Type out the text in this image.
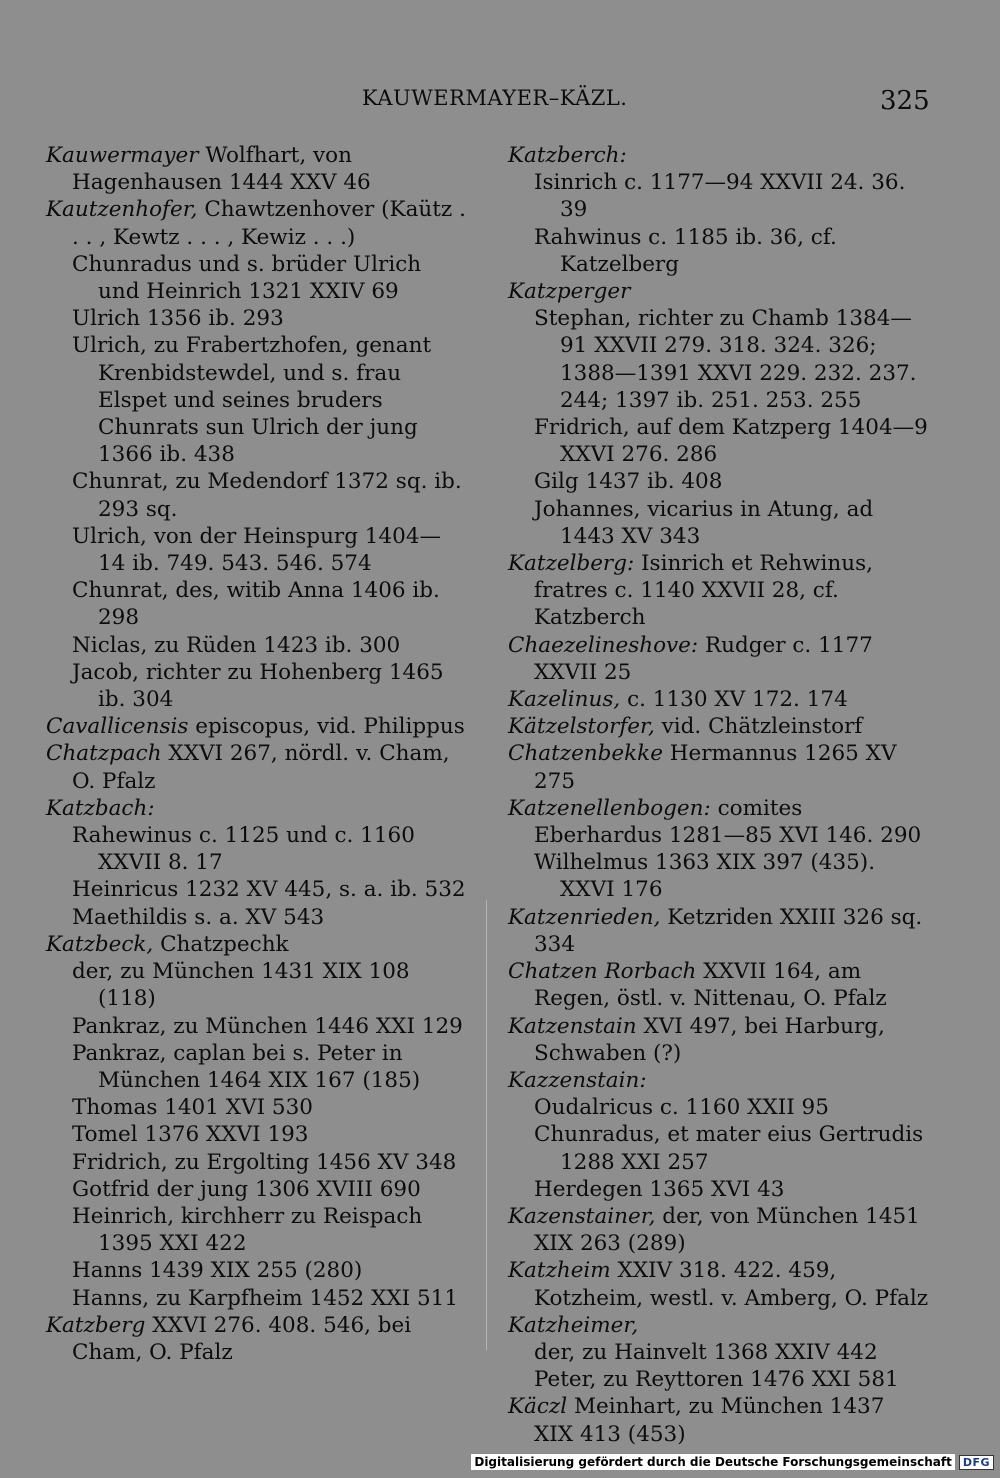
KAUWERMAYER–KÄZL.	325

Kauwermayer Wolfhart, von Hagenhausen 1444 XXV 46

Kautzenhofer, Chawtzenhover (Kaütz . . . , Kewtz . . . , Kewiz . . .)

Chunradus und s. brüder Ulrich und Heinrich 1321 XXIV 69

Ulrich 1356 ib. 293

Ulrich, zu Frabertzhofen, genant Krenbidstewdel, und s. frau Elspet und seines bruders Chunrats sun Ulrich der jung 1366 ib. 438

Chunrat, zu Medendorf 1372 sq. ib. 293 sq.

Ulrich, von der Heinspurg 1404—14 ib. 749. 543. 546. 574

Chunrat, des, witib Anna 1406 ib. 298

Niclas, zu Rüden 1423 ib. 300

Jacob, richter zu Hohenberg 1465 ib. 304

Cavallicensis episcopus, vid. Philippus

Chatzpach XXVI 267, nördl. v. Cham, O. Pfalz

Katzbach:

Rahewinus c. 1125 und c. 1160 XXVII 8. 17

Heinricus 1232 XV 445, s. a. ib. 532

Maethildis s. a. XV 543

Katzbeck, Chatzpechk

der, zu München 1431 XIX 108 (118)

Pankraz, zu München 1446 XXI 129

Pankraz, caplan bei s. Peter in München 1464 XIX 167 (185)

Thomas 1401 XVI 530

Tomel 1376 XXVI 193

Fridrich, zu Ergolting 1456 XV 348

Gotfrid der jung 1306 XVIII 690

Heinrich, kirchherr zu Reispach 1395 XXI 422

Hanns 1439 XIX 255 (280)

Hanns, zu Karpfheim 1452 XXI 511

Katzberg XXVI 276. 408. 546, bei Cham, O. Pfalz

Katzberch:

Isinrich c. 1177—94 XXVII 24. 36. 39

Rahwinus c. 1185 ib. 36, cf. Katzelberg

Katzperger

Stephan, richter zu Chamb 1384—91 XXVII 279. 318. 324. 326; 1388—1391 XXVI 229. 232. 237. 244; 1397 ib. 251. 253. 255

Fridrich, auf dem Katzperg 1404—9 XXVI 276. 286

Gilg 1437 ib. 408

Johannes, vicarius in Atung, ad 1443 XV 343

Katzelberg: Isinrich et Rehwinus, fratres c. 1140 XXVII 28, cf. Katzberch

Chaezelineshove: Rudger c. 1177 XXVII 25

Kazelinus, c. 1130 XV 172. 174

Kätzelstorfer, vid. Chätzleinstorf

Chatzenbekke Hermannus 1265 XV 275

Katzenellenbogen: comites

Eberhardus 1281—85 XVI 146. 290

Wilhelmus 1363 XIX 397 (435). XXVI 176

Katzenrieden, Ketzriden XXIII 326 sq. 334

Chatzen Rorbach XXVII 164, am Regen, östl. v. Nittenau, O. Pfalz

Katzenstain XVI 497, bei Harburg, Schwaben (?)

Kazzenstain:

Oudalricus c. 1160 XXII 95

Chunradus, et mater eius Gertrudis 1288 XXI 257

Herdegen 1365 XVI 43

Kazenstainer, der, von München 1451 XIX 263 (289)

Katzheim XXIV 318. 422. 459, Kotzheim, westl. v. Amberg, O. Pfalz

Katzheimer,

der, zu Hainvelt 1368 XXIV 442

Peter, zu Reyttoren 1476 XXI 581

Käczl Meinhart, zu München 1437 XIX 413 (453)

Digitalisierung gefördert durch die Deutsche Forschungsgemeinschaft	DFG
